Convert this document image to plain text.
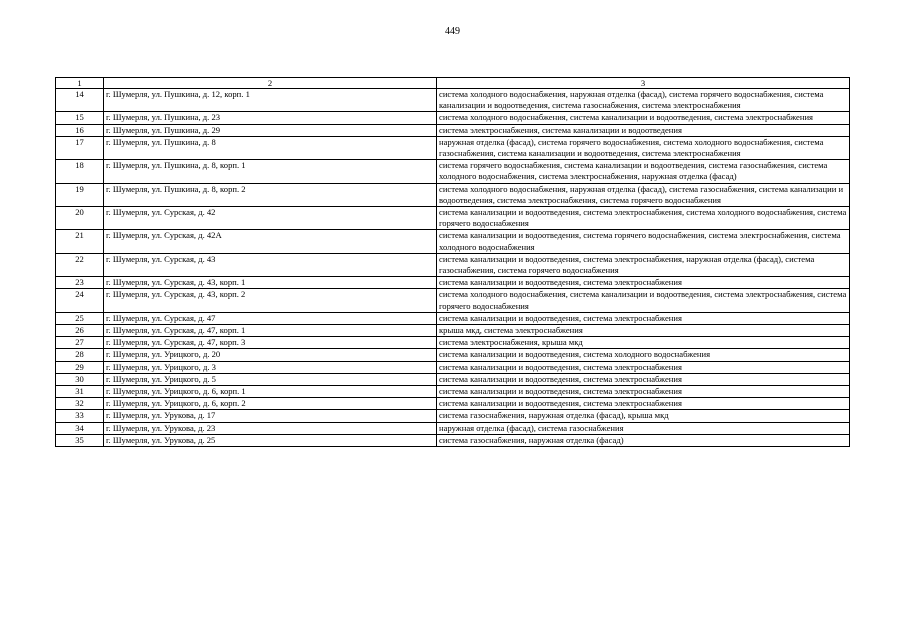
449
1	2	3
14	г. Шумерля, ул. Пушкина, д. 12, корп. 1	система холодного водоснабжения, наружная отделка (фасад), система горячего водоснабжения, система канализации и водоотведения, система газоснабжения, система электроснабжения
15	г. Шумерля, ул. Пушкина, д. 23	система холодного водоснабжения, система канализации и водоотведения, система электроснабжения
16	г. Шумерля, ул. Пушкина, д. 29	система электроснабжения, система канализации и водоотведения
17	г. Шумерля, ул. Пушкина, д. 8	наружная отделка (фасад), система горячего водоснабжения, система холодного водоснабжения, система газоснабжения, система канализации и водоотведения, система электроснабжения
18	г. Шумерля, ул. Пушкина, д. 8, корп. 1	система горячего водоснабжения, система канализации и водоотведения, система газоснабжения, система холодного водоснабжения, система электроснабжения, наружная отделка (фасад)
19	г. Шумерля, ул. Пушкина, д. 8, корп. 2	система холодного водоснабжения, наружная отделка (фасад), система газоснабжения, система канализации и водоотведения, система электроснабжения, система горячего водоснабжения
20	г. Шумерля, ул. Сурская, д. 42	система канализации и водоотведения, система электроснабжения, система холодного водоснабжения, система горячего водоснабжения
21	г. Шумерля, ул. Сурская, д. 42А	система канализации и водоотведения, система горячего водоснабжения, система электроснабжения, система холодного водоснабжения
22	г. Шумерля, ул. Сурская, д. 43	система канализации и водоотведения, система электроснабжения, наружная отделка (фасад), система газоснабжения, система горячего водоснабжения
23	г. Шумерля, ул. Сурская, д. 43, корп. 1	система канализации и водоотведения, система электроснабжения
24	г. Шумерля, ул. Сурская, д. 43, корп. 2	система холодного водоснабжения, система канализации и водоотведения, система электроснабжения, система горячего водоснабжения
25	г. Шумерля, ул. Сурская, д. 47	система канализации и водоотведения, система электроснабжения
26	г. Шумерля, ул. Сурская, д. 47, корп. 1	крыша мкд, система электроснабжения
27	г. Шумерля, ул. Сурская, д. 47, корп. 3	система электроснабжения, крыша мкд
28	г. Шумерля, ул. Урицкого, д. 20	система канализации и водоотведения, система холодного водоснабжения
29	г. Шумерля, ул. Урицкого, д. 3	система канализации и водоотведения, система электроснабжения
30	г. Шумерля, ул. Урицкого, д. 5	система канализации и водоотведения, система электроснабжения
31	г. Шумерля, ул. Урицкого, д. 6, корп. 1	система канализации и водоотведения, система электроснабжения
32	г. Шумерля, ул. Урицкого, д. 6, корп. 2	система канализации и водоотведения, система электроснабжения
33	г. Шумерля, ул. Урукова, д. 17	система газоснабжения, наружная отделка (фасад), крыша мкд
34	г. Шумерля, ул. Урукова, д. 23	наружная отделка (фасад), система газоснабжения
35	г. Шумерля, ул. Урукова, д. 25	система газоснабжения, наружная отделка (фасад)
